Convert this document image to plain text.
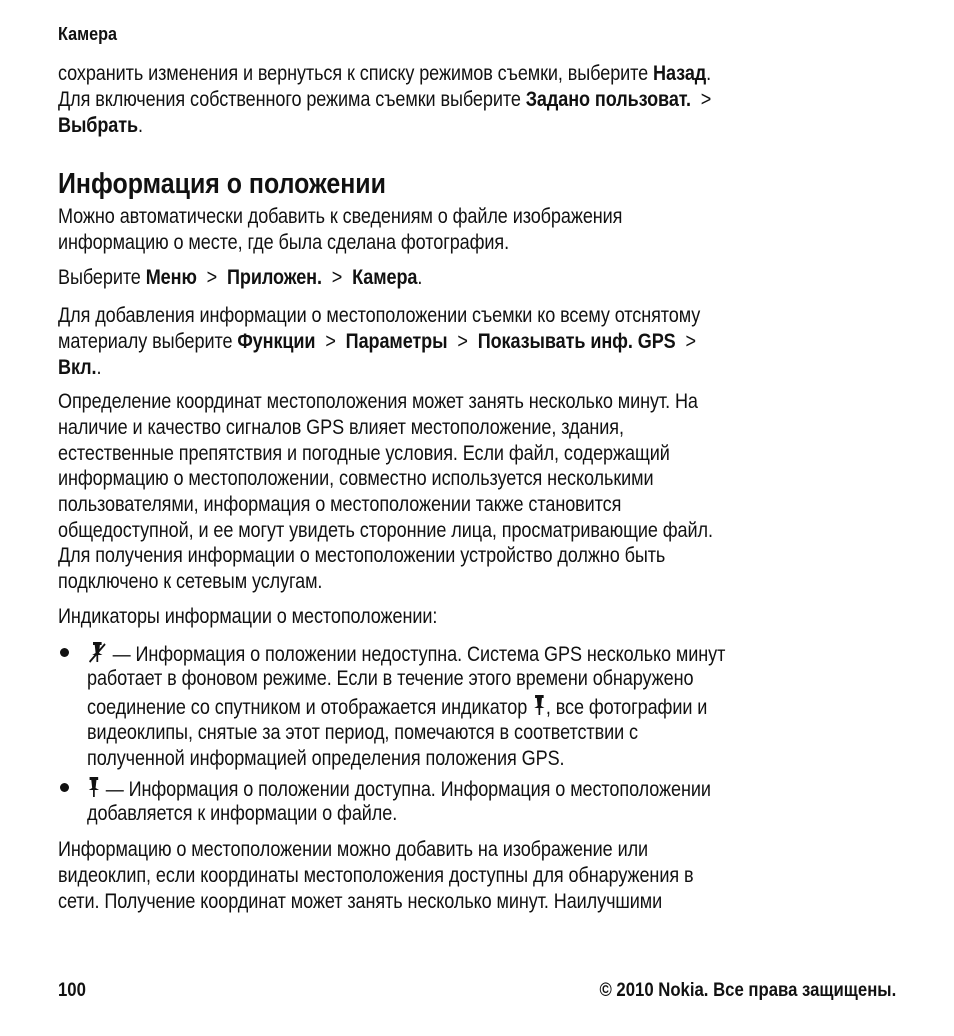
Камера
сохранить изменения и вернуться к списку режимов съемки, выберите Назад.
Для включения собственного режима съемки выберите Задано пользоват. >
Выбрать.
Информация о положении
Можно автоматически добавить к сведениям о файле изображения
информацию о месте, где была сделана фотография.
Выберите Меню > Приложен. > Камера.
Для добавления информации о местоположении съемки ко всему отснятому
материалу выберите Функции > Параметры > Показывать инф. GPS >
Вкл..
Определение координат местоположения может занять несколько минут. На
наличие и качество сигналов GPS влияет местоположение, здания,
естественные препятствия и погодные условия. Если файл, содержащий
информацию о местоположении, совместно используется несколькими
пользователями, информация о местоположении также становится
общедоступной, и ее могут увидеть сторонние лица, просматривающие файл.
Для получения информации о местоположении устройство должно быть
подключено к сетевым услугам.
Индикаторы информации о местоположении:
— Информация о положении недоступна. Система GPS несколько минут
работает в фоновом режиме. Если в течение этого времени обнаружено
соединение со спутником и отображается индикатор , все фотографии и
видеоклипы, снятые за этот период, помечаются в соответствии с
полученной информацией определения положения GPS.
— Информация о положении доступна. Информация о местоположении
добавляется к информации о файле.
Информацию о местоположении можно добавить на изображение или
видеоклип, если координаты местоположения доступны для обнаружения в
сети. Получение координат может занять несколько минут. Наилучшими
100	© 2010 Nokia. Все права защищены.
